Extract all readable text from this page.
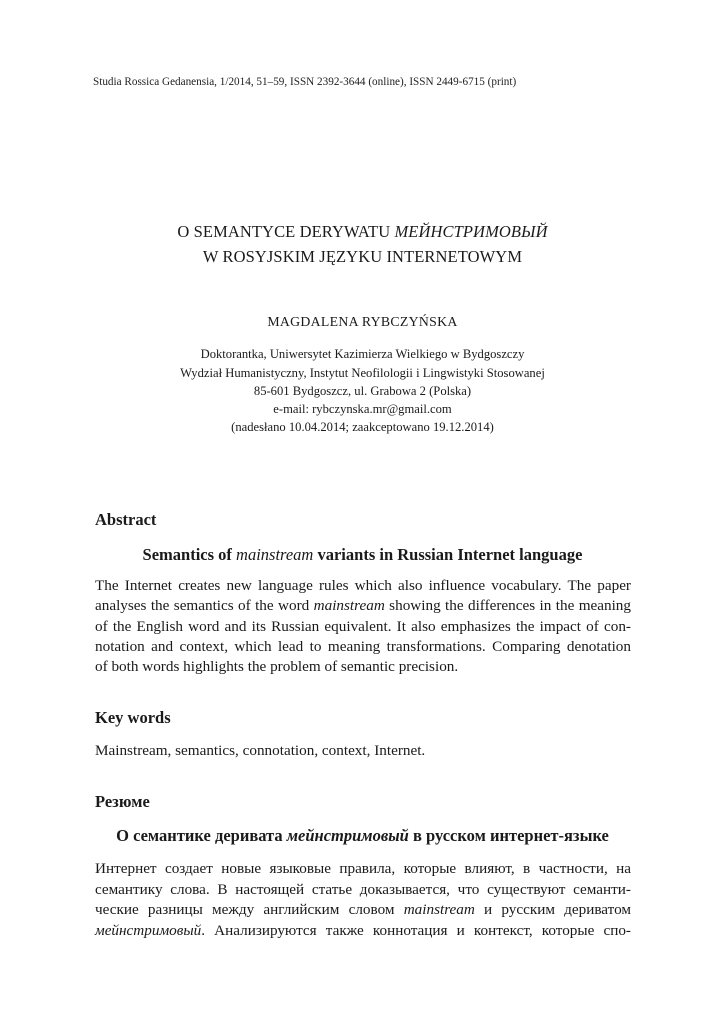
Studia Rossica Gedanensia, 1/2014, 51–59, ISSN 2392-3644 (online), ISSN 2449-6715 (print)
O SEMANTYCE DERYWATU МЕЙНСТРИМОВЫЙ
W ROSYJSKIM JĘZYKU INTERNETOWYM
MAGDALENA RYBCZYŃSKA
Doktorantka, Uniwersytet Kazimierza Wielkiego w Bydgoszczy
Wydział Humanistyczny, Instytut Neofilologii i Lingwistyki Stosowanej
85-601 Bydgoszcz, ul. Grabowa 2 (Polska)
e-mail: rybczynska.mr@gmail.com
(nadesłano 10.04.2014; zaakceptowano 19.12.2014)
Abstract
Semantics of mainstream variants in Russian Internet language
The Internet creates new language rules which also influence vocabulary. The paper
analyses the semantics of the word mainstream showing the differences in the meaning
of the English word and its Russian equivalent. It also emphasizes the impact of con-
notation and context, which lead to meaning transformations. Comparing denotation
of both words highlights the problem of semantic precision.
Key words
Mainstream, semantics, connotation, context, Internet.
Резюме
О семантике деривата мейнстримовый в русском интернет-языке
Интернет создает новые языковые правила, которые влияют, в частности, на
семантику слова. В настоящей статье доказывается, что существуют семанти-
ческие разницы между английским словом mainstream и русским дериватом
мейнстримовый. Анализируются также коннотация и контекст, которые спо-
